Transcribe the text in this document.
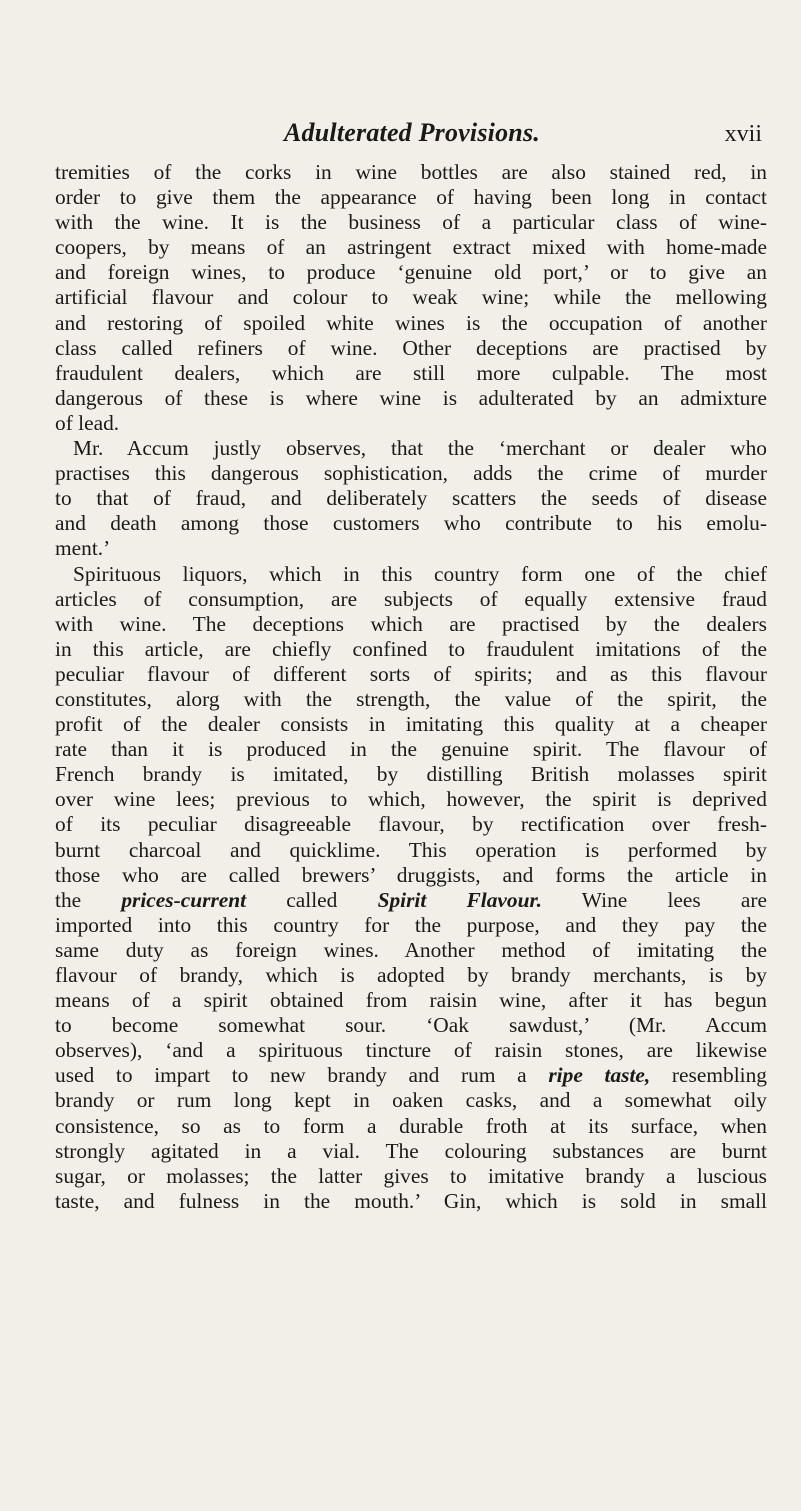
Adulterated Provisions.	xvii
tremities of the corks in wine bottles are also stained red, in
order to give them the appearance of having been long in contact
with the wine. It is the business of a particular class of wine-
coopers, by means of an astringent extract mixed with home-made
and foreign wines, to produce ‘genuine old port,’ or to give an
artificial flavour and colour to weak wine; while the mellowing
and restoring of spoiled white wines is the occupation of another
class called refiners of wine. Other deceptions are practised by
fraudulent dealers, which are still more culpable. The most
dangerous of these is where wine is adulterated by an admixture
of lead.
Mr. Accum justly observes, that the ‘merchant or dealer who
practises this dangerous sophistication, adds the crime of murder
to that of fraud, and deliberately scatters the seeds of disease
and death among those customers who contribute to his emolu-
ment.’
Spirituous liquors, which in this country form one of the chief
articles of consumption, are subjects of equally extensive fraud
with wine. The deceptions which are practised by the dealers
in this article, are chiefly confined to fraudulent imitations of the
peculiar flavour of different sorts of spirits; and as this flavour
constitutes, alorg with the strength, the value of the spirit, the
profit of the dealer consists in imitating this quality at a cheaper
rate than it is produced in the genuine spirit. The flavour of
French brandy is imitated, by distilling British molasses spirit
over wine lees; previous to which, however, the spirit is deprived
of its peculiar disagreeable flavour, by rectification over fresh-
burnt charcoal and quicklime. This operation is performed by
those who are called brewers’ druggists, and forms the article in
the prices-current called Spirit Flavour. Wine lees are
imported into this country for the purpose, and they pay the
same duty as foreign wines. Another method of imitating the
flavour of brandy, which is adopted by brandy merchants, is by
means of a spirit obtained from raisin wine, after it has begun
to become somewhat sour. ‘Oak sawdust,’ (Mr. Accum
observes), ‘and a spirituous tincture of raisin stones, are likewise
used to impart to new brandy and rum a ripe taste, resembling
brandy or rum long kept in oaken casks, and a somewhat oily
consistence, so as to form a durable froth at its surface, when
strongly agitated in a vial. The colouring substances are burnt
sugar, or molasses; the latter gives to imitative brandy a luscious
taste, and fulness in the mouth.’ Gin, which is sold in small
